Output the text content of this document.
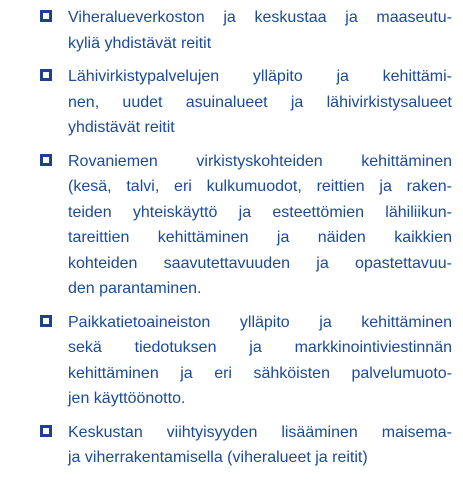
Viheralueverkoston ja keskustaa ja maaseutu-
kyliä yhdistävät reitit
Lähivirkistypalvelujen ylläpito ja kehittämi-
nen, uudet asuinalueet ja lähivirkistysalueet
yhdistävät reitit
Rovaniemen virkistyskohteiden kehittäminen
(kesä, talvi, eri kulkumuodot, reittien ja raken-
teiden yhteiskäyttö ja esteettömien lähiliikun-
tareittien kehittäminen ja näiden kaikkien
kohteiden saavutettavuuden ja opastettavuu-
den parantaminen.
Paikkatietoaineiston ylläpito ja kehittäminen
sekä tiedotuksen ja markkinointiviestinnän
kehittäminen ja eri sähköisten palvelumuoto-
jen käyttöönotto.
Keskustan viihtyisyyden lisääminen maisema-
ja viherrakentamisella (viheralueet ja reitit)
